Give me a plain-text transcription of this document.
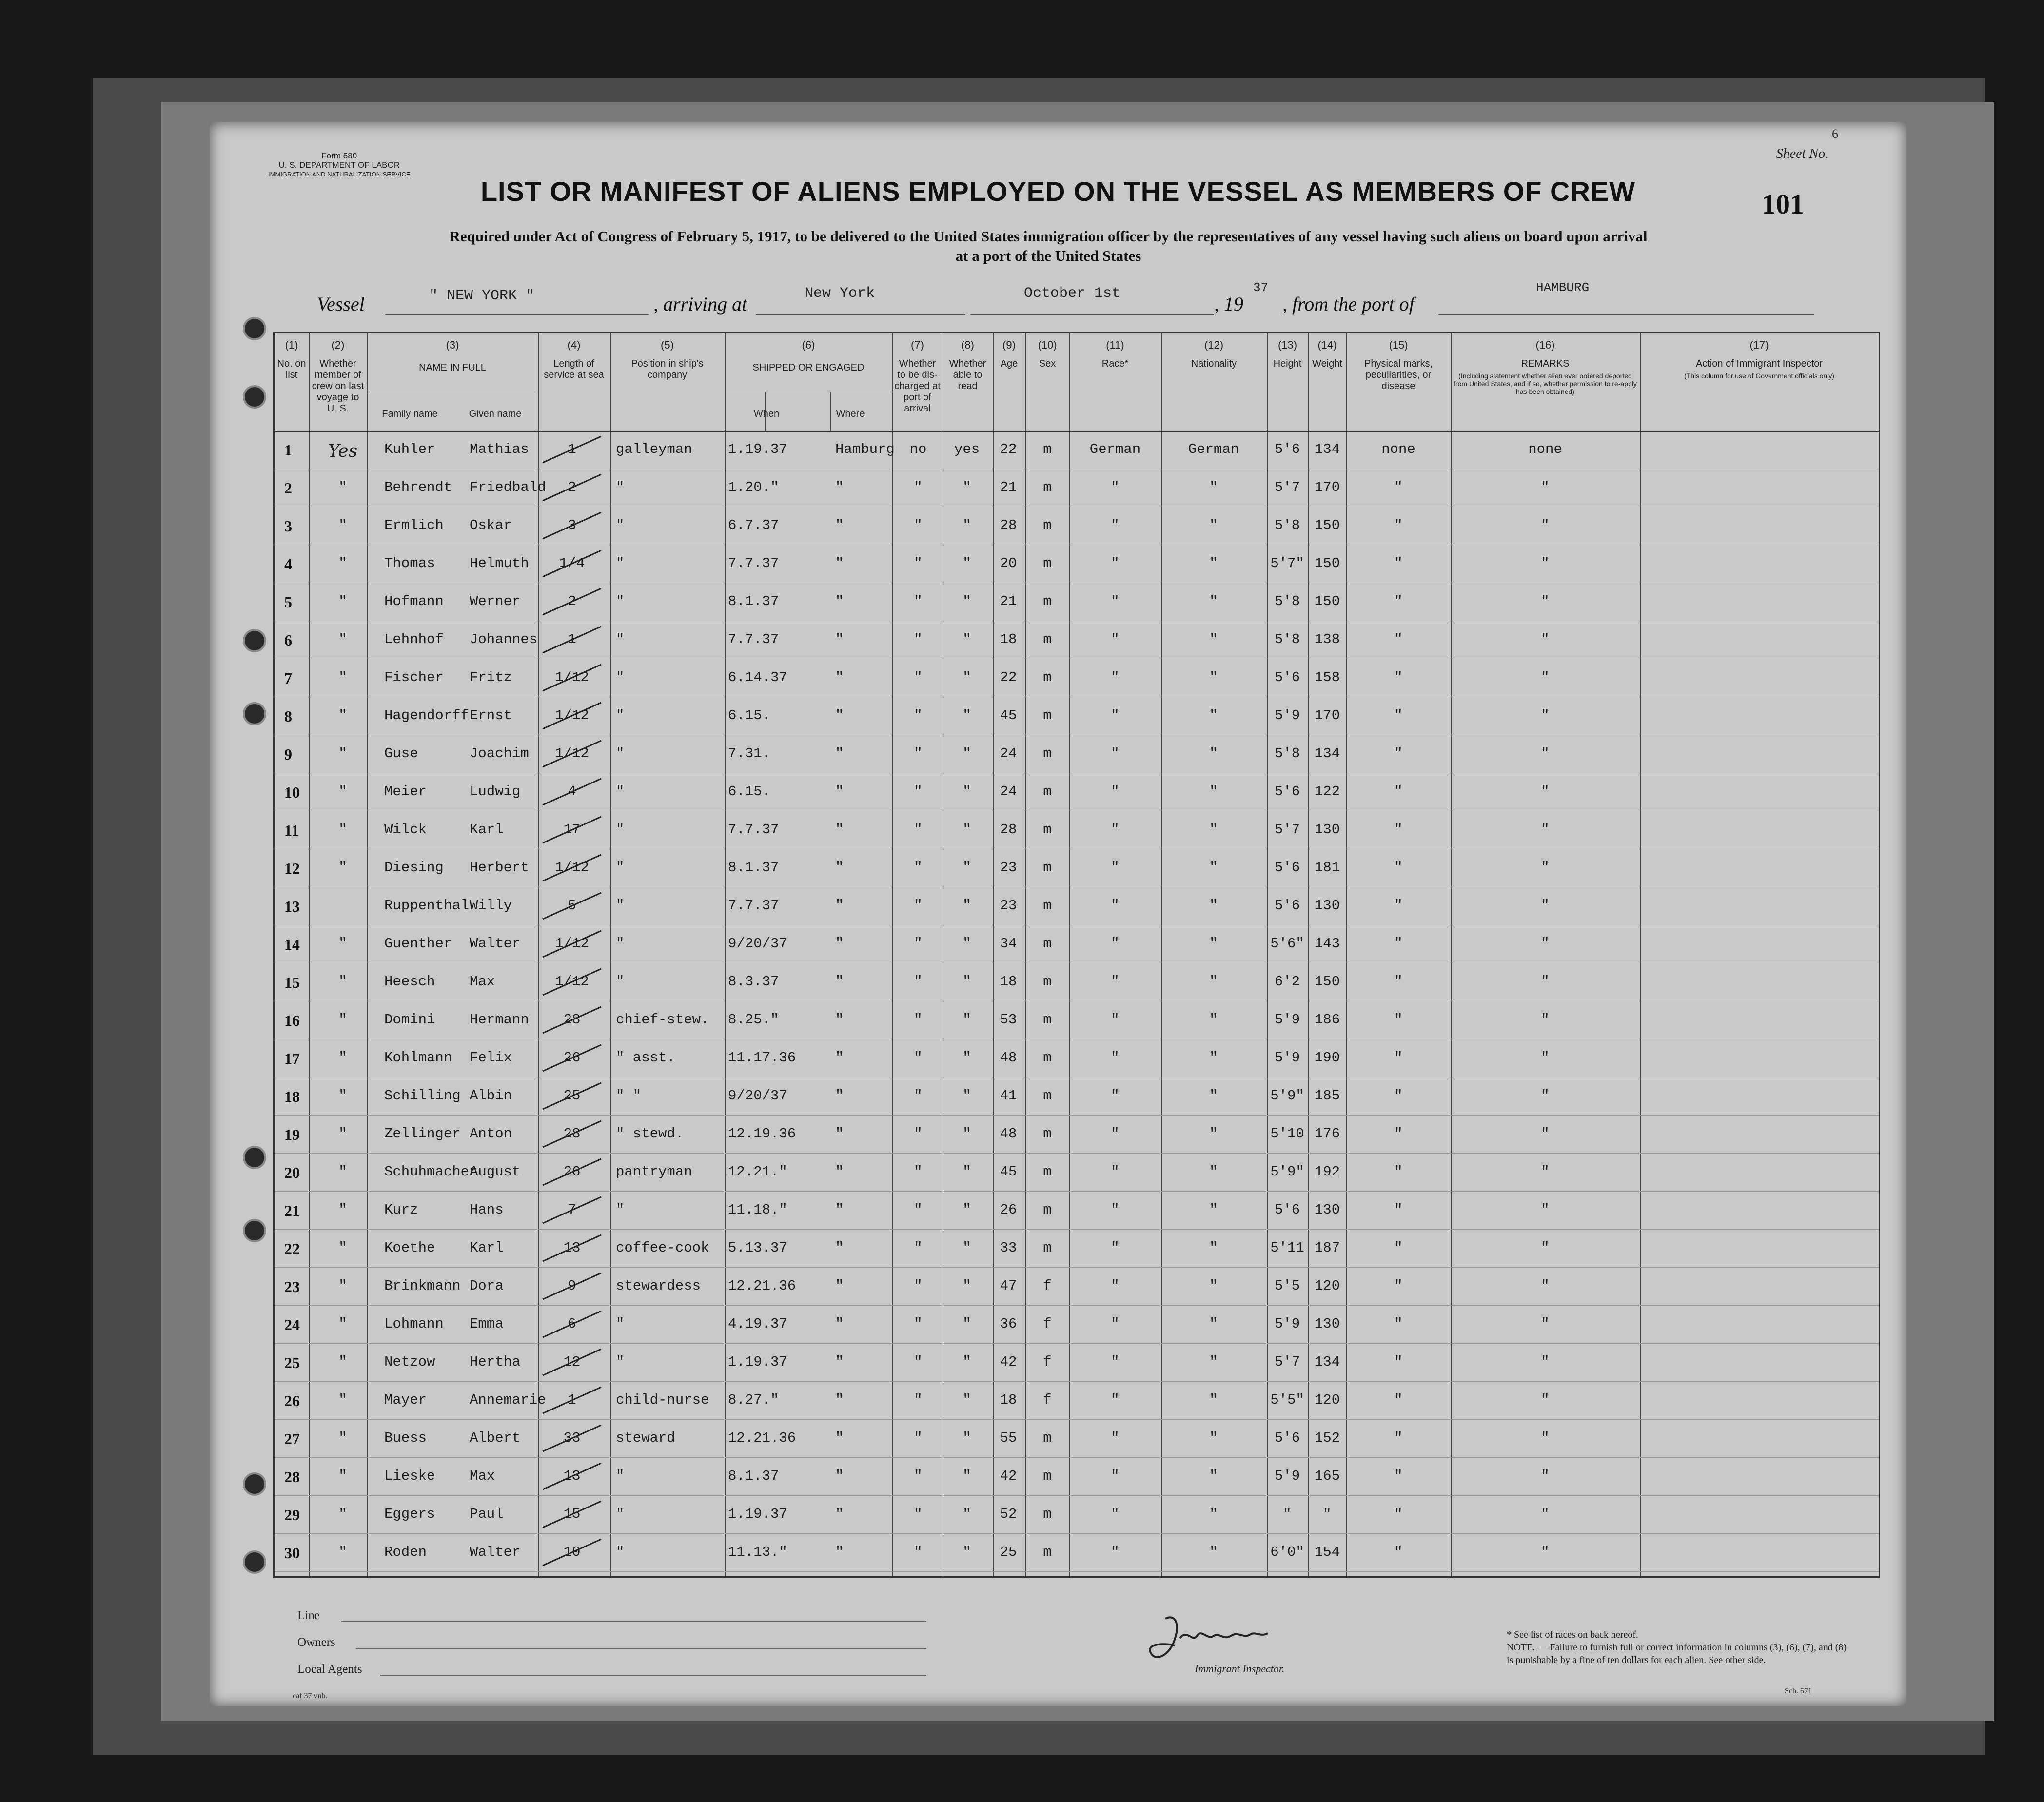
Form 680
U. S. DEPARTMENT OF LABOR
IMMIGRATION AND NATURALIZATION SERVICE
6
Sheet No.
101
LIST OR MANIFEST OF ALIENS EMPLOYED ON THE VESSEL AS MEMBERS OF CREW
Required under Act of Congress of February 5, 1917, to be delivered to the United States immigration officer by the representatives of any vessel having such aliens on board upon arrival
at a port of the United States
Vessel	" NEW YORK "	, arriving at	New York	October 1st	, 19
37
, from the port of
HAMBURG
(1)
No. on list
(2)
Whether member of crew on last voyage to U. S.
(3)
NAME IN FULL
Family name	Given name
(4)
Length of service at sea
(5)
Position in ship's company
(6)
SHIPPED OR ENGAGED
When	Where
(7)
Whether to be dis-charged at port of arrival
(8)
Whether able to read
(9)
Age
(10)
Sex
(11)
Race*
(12)
Nationality
(13)
Height
(14)
Weight
(15)
Physical marks, peculiarities, or disease
(16)
REMARKS
(Including statement whether alien ever ordered deported from United States, and if so, whether permission to re-apply has been obtained)
(17)
Action of Immigrant Inspector
(This column for use of Government officials only)
1 Yes Kuhler Mathias	1	galleyman	1.19.37	Hamburg no yes 22 m	German	German	5'6 134	none	none
2	"	Behrendt Friedbald 2	"	1.20."	"	"	" 21 m	"	"	5'7 170	"	"
3	"	Ermlich Oskar	3	"	6.7.37	"	"	" 28 m	"	"	5'8 150	"	"
4	"	Thomas Helmuth 1/4 "	7.7.37	"	"	" 20 m	"	"	5'7" 150	"	"
5	"	Hofmann Werner	2	"	8.1.37	"	"	" 21 m	"	"	5'8 150	"	"
6	"	Lehnhof Johannes 1	"	7.7.37	"	"	" 18 m	"	"	5'8 138	"	"
7	"	Fischer Fritz	1/12 "	6.14.37	"	"	" 22 m	"	"	5'6 158	"	"
8	"	Hagendorff Ernst	1/12 "	6.15.	"	"	" 45 m	"	"	5'9 170	"	"
9	"	Guse	Joachim 1/12 "	7.31.	"	"	" 24 m	"	"	5'8 134	"	"
10	"	Meier	Ludwig	4	"	6.15.	"	"	" 24 m	"	"	5'6 122	"	"
11	"	Wilck	Karl	17	"	7.7.37	"	"	" 28 m	"	"	5'7 130	"	"
12	"	Diesing Herbert 1/12 "	8.1.37	"	"	" 23 m	"	"	5'6 181	"	"
13	Ruppenthal Willy	5	"	7.7.37	"	"	" 23 m	"	"	5'6 130	"	"
14	"	Guenther Walter 1/12 "	9/20/37	"	"	" 34 m	"	"	5'6" 143	"	"
15	"	Heesch Max	1/12 "	8.3.37	"	"	" 18 m	"	"	6'2 150	"	"
16	"	Domini Hermann 28	chief-stew. 8.25."	"	"	" 53 m	"	"	5'9 186	"	"
17	"	Kohlmann Felix	26	" asst.	11.17.36	"	"	" 48 m	"	"	5'9 190	"	"
18	"	Schilling Albin	25	" "	9/20/37	"	"	" 41 m	"	"	5'9" 185	"	"
19	"	Zellinger Anton	28	" stewd.	12.19.36	"	"	" 48 m	"	"	5'10 176	"	"
20	"	Schuhmacher
August	26	pantryman	12.21."	"	"	" 45 m	"	"	5'9" 192	"	"
21	"	Kurz	Hans	7	"	11.18."	"	"	" 26 m	"	"	5'6 130	"	"
22	"	Koethe Karl	13	coffee-cook 5.13.37	"	"	" 33 m	"	"	5'11 187	"	"
23	"	Brinkmann Dora	9	stewardess 12.21.36	"	"	" 47 f	"	"	5'5 120	"	"
24	"	Lohmann Emma	6	"	4.19.37	"	"	" 36 f	"	"	5'9 130	"	"
25	"	Netzow Hertha	12	"	1.19.37	"	"	" 42 f	"	"	5'7 134	"	"
26	"	Mayer	Annemarie 1	child-nurse 8.27."	"	"	" 18 f	"	"	5'5" 120	"	"
27	"	Buess	Albert	33	steward	12.21.36	"	"	" 55 m	"	"	5'6 152	"	"
28	"	Lieske Max	13	"	8.1.37	"	"	" 42 m	"	"	5'9 165	"	"
29	"	Eggers Paul	15	"	1.19.37	"	"	" 52 m	"	"	" "	"	"
30	"	Roden	Walter	10	"	11.13."	"	"	" 25 m	"	"	6'0" 154	"	"
Line
Owners
Local Agents	Immigrant Inspector.
* See list of races on back hereof.
NOTE. — Failure to furnish full or correct information in columns (3), (6), (7), and (8) is punishable by a fine of ten dollars for each alien. See other side.
Sch. 571
caf 37 vnb.
